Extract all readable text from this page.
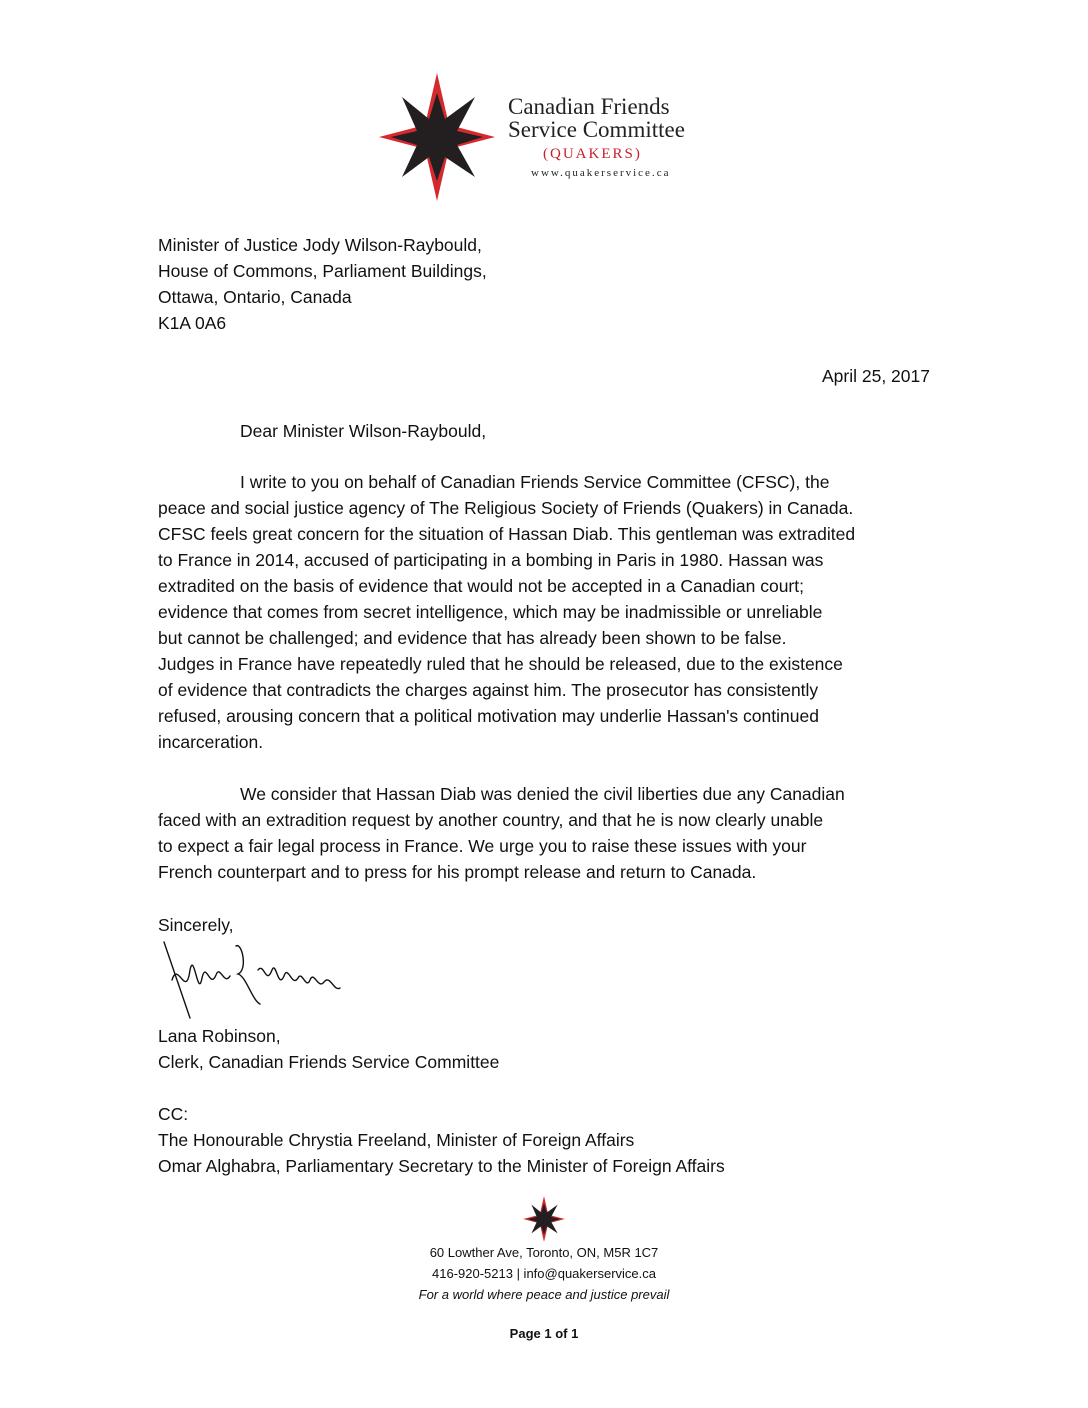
Canadian Friends
Service Committee
(QUAKERS)
www.quakerservice.ca
Minister of Justice Jody Wilson-Raybould,
House of Commons, Parliament Buildings,
Ottawa, Ontario, Canada
K1A 0A6
April 25, 2017
Dear Minister Wilson-Raybould,
I write to you on behalf of Canadian Friends Service Committee (CFSC), the
peace and social justice agency of The Religious Society of Friends (Quakers) in Canada.
CFSC feels great concern for the situation of Hassan Diab. This gentleman was extradited
to France in 2014, accused of participating in a bombing in Paris in 1980. Hassan was
extradited on the basis of evidence that would not be accepted in a Canadian court;
evidence that comes from secret intelligence, which may be inadmissible or unreliable
but cannot be challenged; and evidence that has already been shown to be false.
Judges in France have repeatedly ruled that he should be released, due to the existence
of evidence that contradicts the charges against him. The prosecutor has consistently
refused, arousing concern that a political motivation may underlie Hassan's continued
incarceration.
We consider that Hassan Diab was denied the civil liberties due any Canadian
faced with an extradition request by another country, and that he is now clearly unable
to expect a fair legal process in France. We urge you to raise these issues with your
French counterpart and to press for his prompt release and return to Canada.
Sincerely,
Lana Robinson,
Clerk, Canadian Friends Service Committee
CC:
The Honourable Chrystia Freeland, Minister of Foreign Affairs
Omar Alghabra, Parliamentary Secretary to the Minister of Foreign Affairs
60 Lowther Ave, Toronto, ON, M5R 1C7
416-920-5213 | info@quakerservice.ca
For a world where peace and justice prevail
Page 1 of 1
